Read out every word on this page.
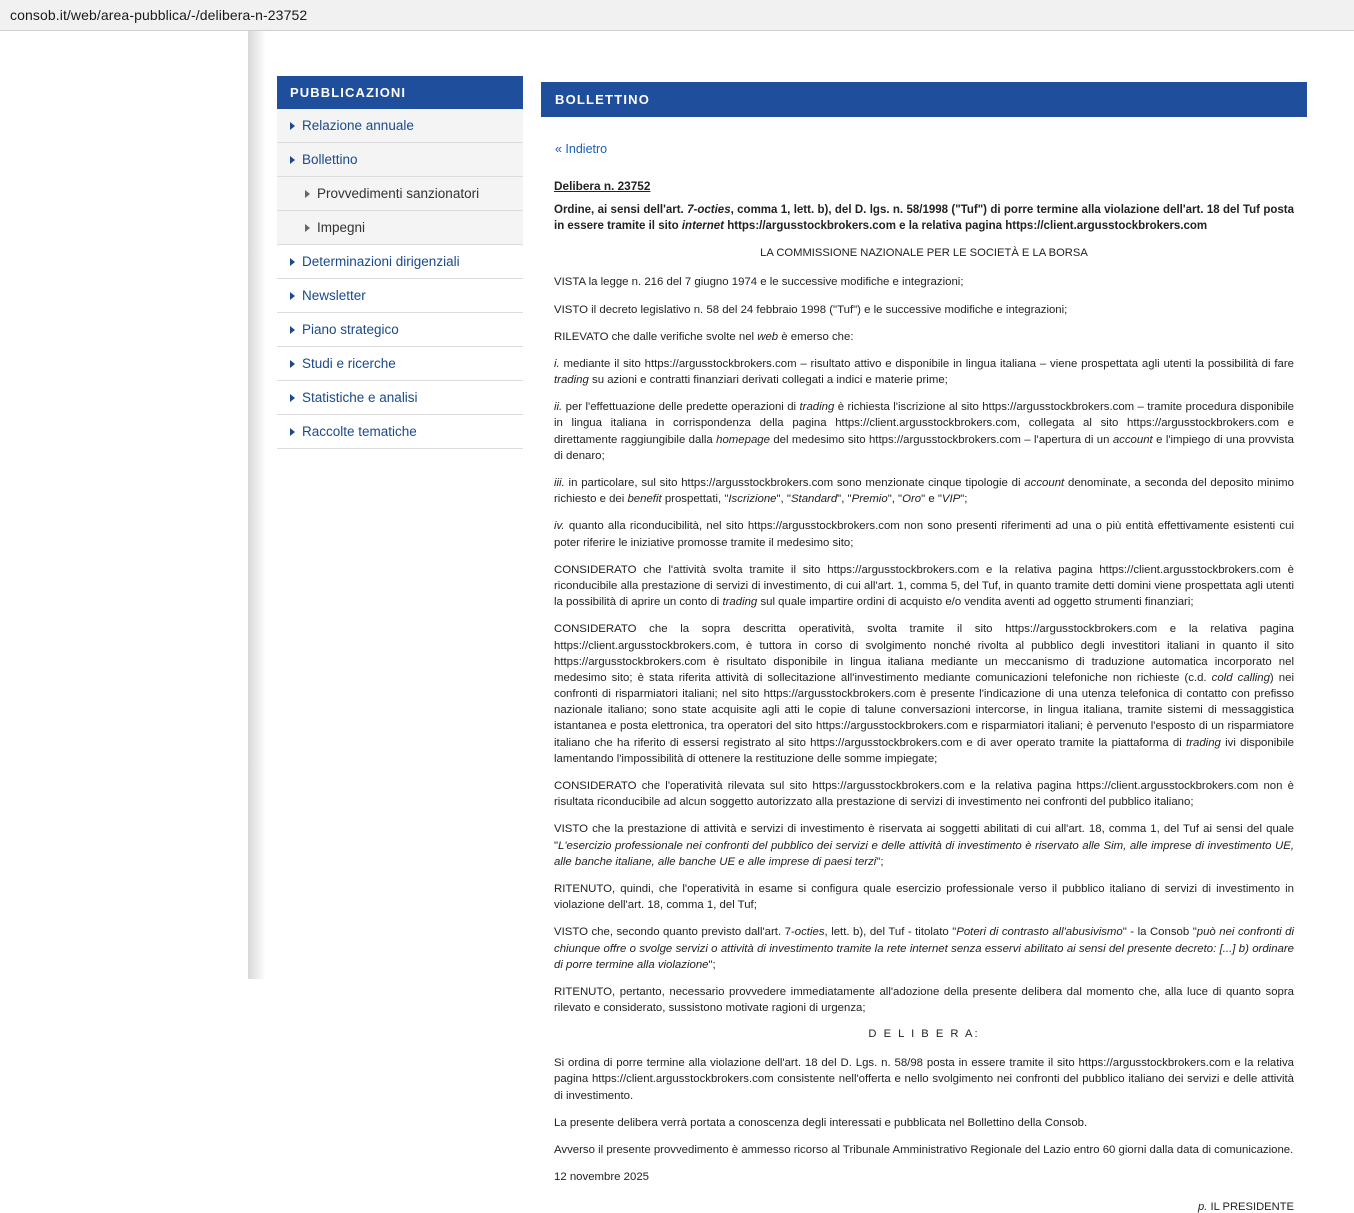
consob.it/web/area-pubblica/-/delibera-n-23752
PUBBLICAZIONI
Relazione annuale
Bollettino
Provvedimenti sanzionatori
Impegni
Determinazioni dirigenziali
Newsletter
Piano strategico
Studi e ricerche
Statistiche e analisi
Raccolte tematiche
BOLLETTINO
« Indietro
Delibera n. 23752
Ordine, ai sensi dell'art. 7-octies, comma 1, lett. b), del D. lgs. n. 58/1998 ("Tuf") di porre termine alla violazione dell'art. 18 del Tuf posta in essere tramite il sito internet https://argusstockbrokers.com e la relativa pagina https://client.argusstockbrokers.com
LA COMMISSIONE NAZIONALE PER LE SOCIETÀ E LA BORSA

VISTA la legge n. 216 del 7 giugno 1974 e le successive modifiche e integrazioni;

VISTO il decreto legislativo n. 58 del 24 febbraio 1998 ("Tuf") e le successive modifiche e integrazioni;

RILEVATO che dalle verifiche svolte nel web è emerso che:

i. mediante il sito https://argusstockbrokers.com – risultato attivo e disponibile in lingua italiana – viene prospettata agli utenti la possibilità di fare trading su azioni e contratti finanziari derivati collegati a indici e materie prime;

ii. per l'effettuazione delle predette operazioni di trading è richiesta l'iscrizione al sito https://argusstockbrokers.com – tramite procedura disponibile in lingua italiana in corrispondenza della pagina https://client.argusstockbrokers.com, collegata al sito https://argusstockbrokers.com e direttamente raggiungibile dalla homepage del medesimo sito https://argusstockbrokers.com – l'apertura di un account e l'impiego di una provvista di denaro;

iii. in particolare, sul sito https://argusstockbrokers.com sono menzionate cinque tipologie di account denominate, a seconda del deposito minimo richiesto e dei benefit prospettati, "Iscrizione", "Standard", "Premio", "Oro" e "VIP";

iv. quanto alla riconducibilità, nel sito https://argusstockbrokers.com non sono presenti riferimenti ad una o più entità effettivamente esistenti cui poter riferire le iniziative promosse tramite il medesimo sito;

CONSIDERATO che l'attività svolta tramite il sito https://argusstockbrokers.com e la relativa pagina https://client.argusstockbrokers.com è riconducibile alla prestazione di servizi di investimento, di cui all'art. 1, comma 5, del Tuf, in quanto tramite detti domini viene prospettata agli utenti la possibilità di aprire un conto di trading sul quale impartire ordini di acquisto e/o vendita aventi ad oggetto strumenti finanziari;

CONSIDERATO che la sopra descritta operatività, svolta tramite il sito https://argusstockbrokers.com e la relativa pagina https://client.argusstockbrokers.com, è tuttora in corso di svolgimento nonché rivolta al pubblico degli investitori italiani in quanto il sito https://argusstockbrokers.com è risultato disponibile in lingua italiana mediante un meccanismo di traduzione automatica incorporato nel medesimo sito; è stata riferita attività di sollecitazione all'investimento mediante comunicazioni telefoniche non richieste (c.d. cold calling) nei confronti di risparmiatori italiani; nel sito https://argusstockbrokers.com è presente l'indicazione di una utenza telefonica di contatto con prefisso nazionale italiano; sono state acquisite agli atti le copie di talune conversazioni intercorse, in lingua italiana, tramite sistemi di messaggistica istantanea e posta elettronica, tra operatori del sito https://argusstockbrokers.com e risparmiatori italiani; è pervenuto l'esposto di un risparmiatore italiano che ha riferito di essersi registrato al sito https://argusstockbrokers.com e di aver operato tramite la piattaforma di trading ivi disponibile lamentando l'impossibilità di ottenere la restituzione delle somme impiegate;

CONSIDERATO che l'operatività rilevata sul sito https://argusstockbrokers.com e la relativa pagina https://client.argusstockbrokers.com non è risultata riconducibile ad alcun soggetto autorizzato alla prestazione di servizi di investimento nei confronti del pubblico italiano;

VISTO che la prestazione di attività e servizi di investimento è riservata ai soggetti abilitati di cui all'art. 18, comma 1, del Tuf ai sensi del quale "L'esercizio professionale nei confronti del pubblico dei servizi e delle attività di investimento è riservato alle Sim, alle imprese di investimento UE, alle banche italiane, alle banche UE e alle imprese di paesi terzi";

RITENUTO, quindi, che l'operatività in esame si configura quale esercizio professionale verso il pubblico italiano di servizi di investimento in violazione dell'art. 18, comma 1, del Tuf;

VISTO che, secondo quanto previsto dall'art. 7-octies, lett. b), del Tuf - titolato "Poteri di contrasto all'abusivismo" - la Consob "può nei confronti di chiunque offre o svolge servizi o attività di investimento tramite la rete internet senza esservi abilitato ai sensi del presente decreto: [...] b) ordinare di porre termine alla violazione";

RITENUTO, pertanto, necessario provvedere immediatamente all'adozione della presente delibera dal momento che, alla luce di quanto sopra rilevato e considerato, sussistono motivate ragioni di urgenza;

D E L I B E R A:

Si ordina di porre termine alla violazione dell'art. 18 del D. Lgs. n. 58/98 posta in essere tramite il sito https://argusstockbrokers.com e la relativa pagina https://client.argusstockbrokers.com consistente nell'offerta e nello svolgimento nei confronti del pubblico italiano dei servizi e delle attività di investimento.

La presente delibera verrà portata a conoscenza degli interessati e pubblicata nel Bollettino della Consob.

Avverso il presente provvedimento è ammesso ricorso al Tribunale Amministrativo Regionale del Lazio entro 60 giorni dalla data di comunicazione.

12 novembre 2025

p. IL PRESIDENTE
